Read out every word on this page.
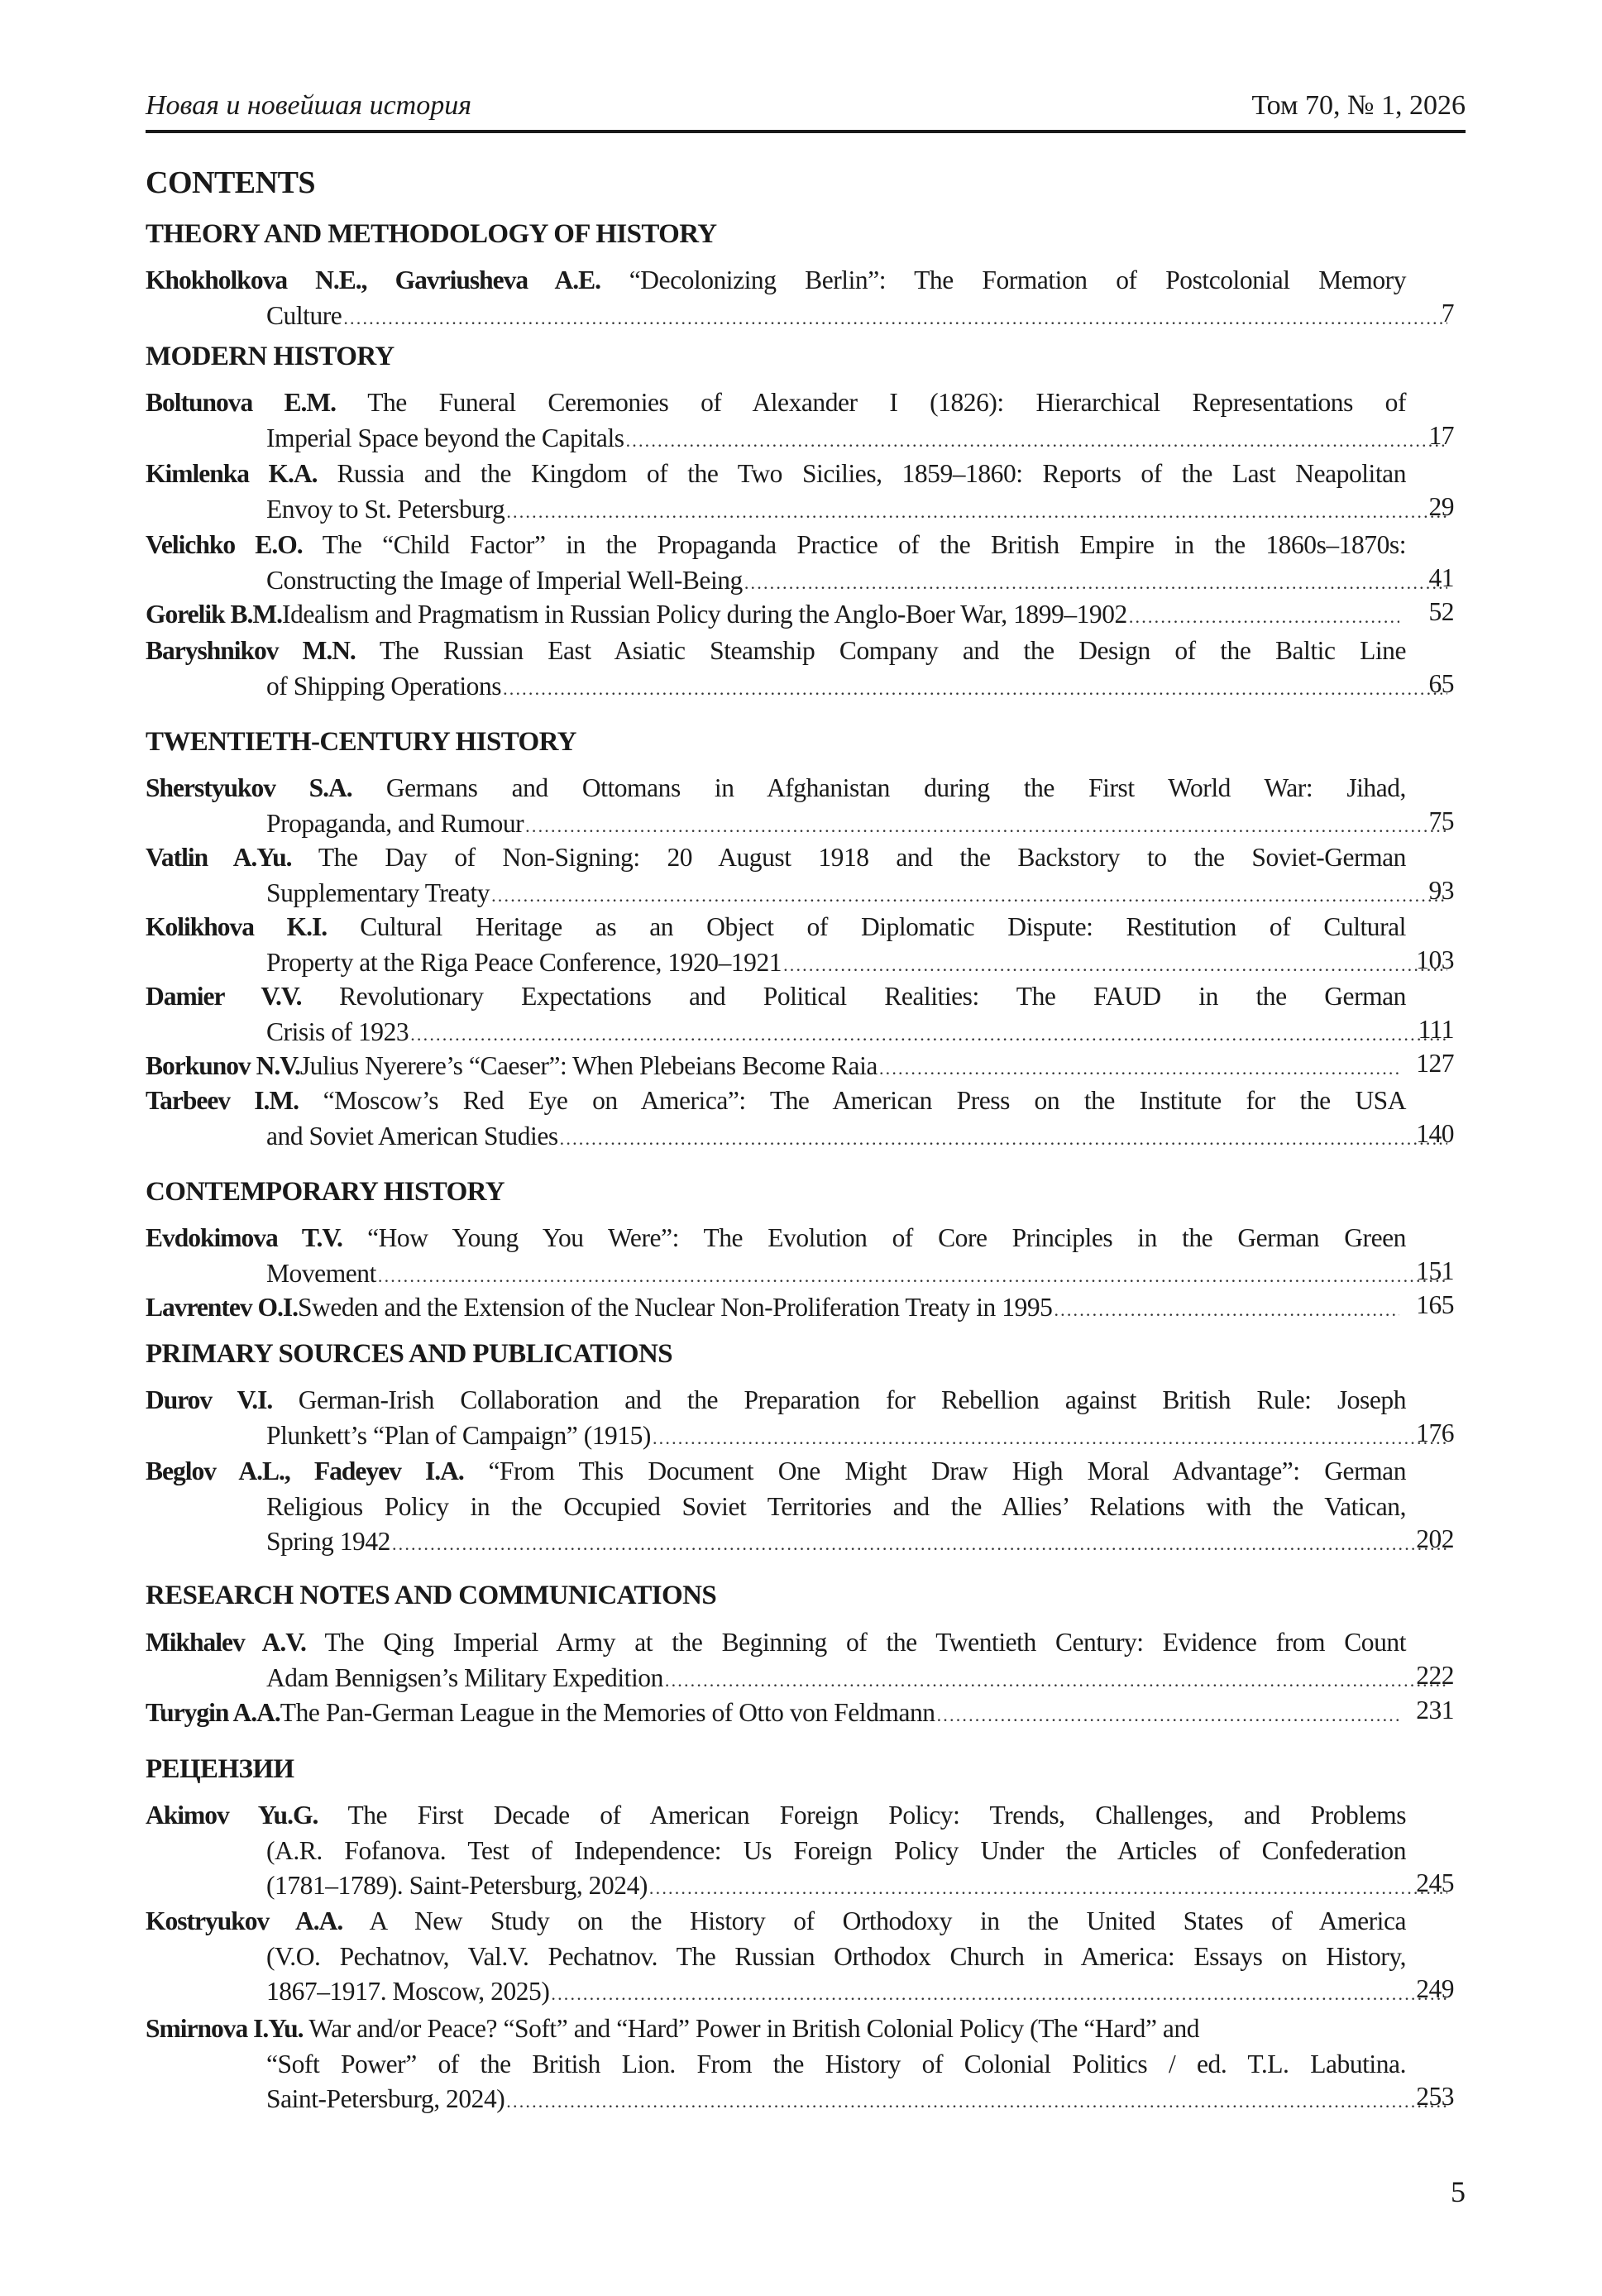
Новая и новейшая история	Том 70, № 1, 2026
CONTENTS
THEORY AND METHODOLOGY OF HISTORY
Khokholkova N.E., Gavriusheva A.E. “Decolonizing Berlin”: The Formation of Postcolonial Memory
7
Culture
.....
MODERN HISTORY
Boltunova E.M. The Funeral Ceremonies of Alexander I (1826): Hierarchical Representations of
17
Imperial Space beyond the Capitals
.....
Kimlenka K.A. Russia and the Kingdom of the Two Sicilies, 1859–1860: Reports of the Last Neapolitan
29
Envoy to St. Petersburg
.....
Velichko E.O. The “Child Factor” in the Propaganda Practice of the British Empire in the 1860s–1870s:
41
Constructing the Image of Imperial Well-Being
.....
52
Gorelik B.M. Idealism and Pragmatism in Russian Policy during the Anglo-Boer War, 1899–1902
.....
Baryshnikov M.N. The Russian East Asiatic Steamship Company and the Design of the Baltic Line
65
of Shipping Operations
.....
TWENTIETH-CENTURY HISTORY
Sherstyukov S.A. Germans and Ottomans in Afghanistan during the First World War: Jihad,
75
Propaganda, and Rumour
.....
Vatlin A.Yu. The Day of Non-Signing: 20 August 1918 and the Backstory to the Soviet-German
93
Supplementary Treaty
.....
Kolikhova K.I. Cultural Heritage as an Object of Diplomatic Dispute: Restitution of Cultural
103
Property at the Riga Peace Conference, 1920–1921
.....
Damier V.V. Revolutionary Expectations and Political Realities: The FAUD in the German
111
Crisis of 1923
.....
127
Borkunov N.V. Julius Nyerere’s “Caeser”: When Plebeians Become Raia
.....
Tarbeev I.M. “Moscow’s Red Eye on America”: The American Press on the Institute for the USA
140
and Soviet American Studies
.....
CONTEMPORARY HISTORY
Evdokimova T.V. “How Young You Were”: The Evolution of Core Principles in the German Green
151
Movement
.....
165
Lavrentev O.I. Sweden and the Extension of the Nuclear Non-Proliferation Treaty in 1995
.....
PRIMARY SOURCES AND PUBLICATIONS
Durov V.I. German-Irish Collaboration and the Preparation for Rebellion against British Rule: Joseph
176
Plunkett’s “Plan of Campaign” (1915)
.....
Beglov A.L., Fadeyev I.A. “From This Document One Might Draw High Moral Advantage”: German
Religious Policy in the Occupied Soviet Territories and the Allies’ Relations with the Vatican,
202
Spring 1942
.....
RESEARCH NOTES AND COMMUNICATIONS
Mikhalev A.V. The Qing Imperial Army at the Beginning of the Twentieth Century: Evidence from Count
222
Adam Bennigsen’s Military Expedition
.....
231
Turygin A.A. The Pan-German League in the Memories of Otto von Feldmann
.....
РЕЦЕНЗИИ
Akimov Yu.G. The First Decade of American Foreign Policy: Trends, Challenges, and Problems
(A.R. Fofanova. Test of Independence: Us Foreign Policy Under the Articles of Confederation
245
(1781–1789). Saint-Petersburg, 2024)
.....
Kostryukov A.A. A New Study on the History of Orthodoxy in the United States of America
(V.O. Pechatnov, Val.V. Pechatnov. The Russian Orthodox Church in America: Essays on History,
249
1867–1917. Moscow, 2025)
.....
Smirnova I.Yu. War and/or Peace? “Soft” and “Hard” Power in British Colonial Policy (The “Hard” and
“Soft Power” of the British Lion. From the History of Colonial Politics / ed. T.L. Labutina.
253
Saint-Petersburg, 2024)
.....
5
